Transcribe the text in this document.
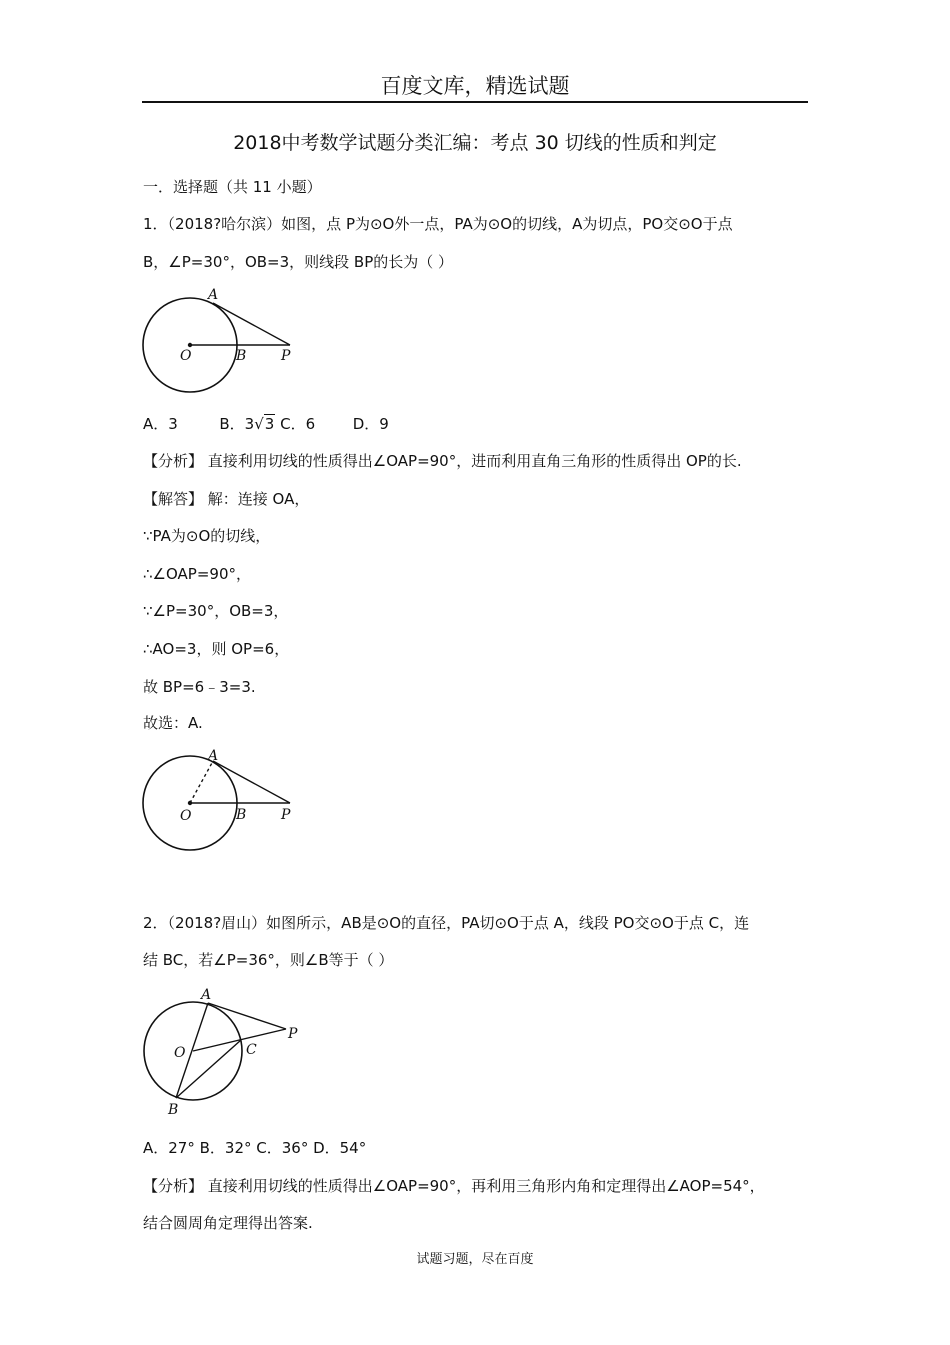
百度文库，精选试题
2018中考数学试题分类汇编：考点 30 切线的性质和判定
一．选择题（共 11 小题）
1．（2018?哈尔滨）如图，点 P为⊙O外一点，PA为⊙O的切线，A为切点，PO交⊙O于点
B，∠P=30°，OB=3，则线段 BP的长为（ ）
A
O	B P
A．3	B．3√3 C．6	D．9
【分析】 直接利用切线的性质得出∠OAP=90°，进而利用直角三角形的性质得出 OP的长.
【解答】 解：连接 OA，
∵PA为⊙O的切线，
∴∠OAP=90°，
∵∠P=30°，OB=3，
∴AO=3，则 OP=6，
故 BP=6﹣3=3.
故选：A.
A
O	B P
2．（2018?眉山）如图所示，AB是⊙O的直径，PA切⊙O于点 A，线段 PO交⊙O于点 C，连
结 BC，若∠P=36°，则∠B等于（ ）
A
O	C
P
B
A．27° B．32° C．36° D．54°
【分析】 直接利用切线的性质得出∠OAP=90°，再利用三角形内角和定理得出∠AOP=54°，
结合圆周角定理得出答案.
试题习题，尽在百度
